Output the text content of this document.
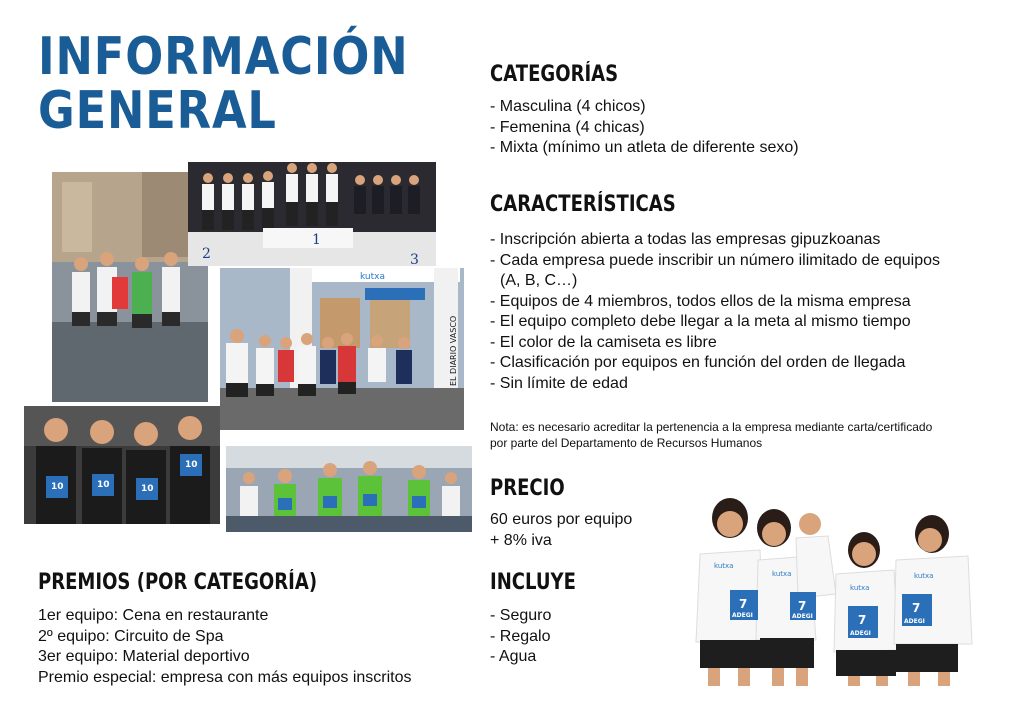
INFORMACIÓN
GENERAL
2
1
3
kutxa
EL DIARIO VASCO
10	10	10
10
7	7
7
7
ADEGI	ADEGI
ADEGI
ADEGI
kutxa
kutxa
kutxa
kutxa
CATEGORÍAS
- Masculina (4 chicos)
- Femenina (4 chicas)
- Mixta (mínimo un atleta de diferente sexo)
CARACTERÍSTICAS
- Inscripción abierta a todas las empresas gipuzkoanas
- Cada empresa puede inscribir un número ilimitado de equipos
(A, B, C…)
- Equipos de 4 miembros, todos ellos de la misma empresa
- El equipo completo debe llegar a la meta al mismo tiempo
- El color de la camiseta es libre
- Clasificación por equipos en función del orden de llegada
- Sin límite de edad
Nota: es necesario acreditar la pertenencia a la empresa mediante carta/certificado
por parte del Departamento de Recursos Humanos
PRECIO
60 euros por equipo
+ 8% iva
INCLUYE
- Seguro
- Regalo
- Agua
PREMIOS (POR CATEGORÍA)
1er equipo: Cena en restaurante
2º equipo: Circuito de Spa
3er equipo: Material deportivo
Premio especial: empresa con más equipos inscritos
